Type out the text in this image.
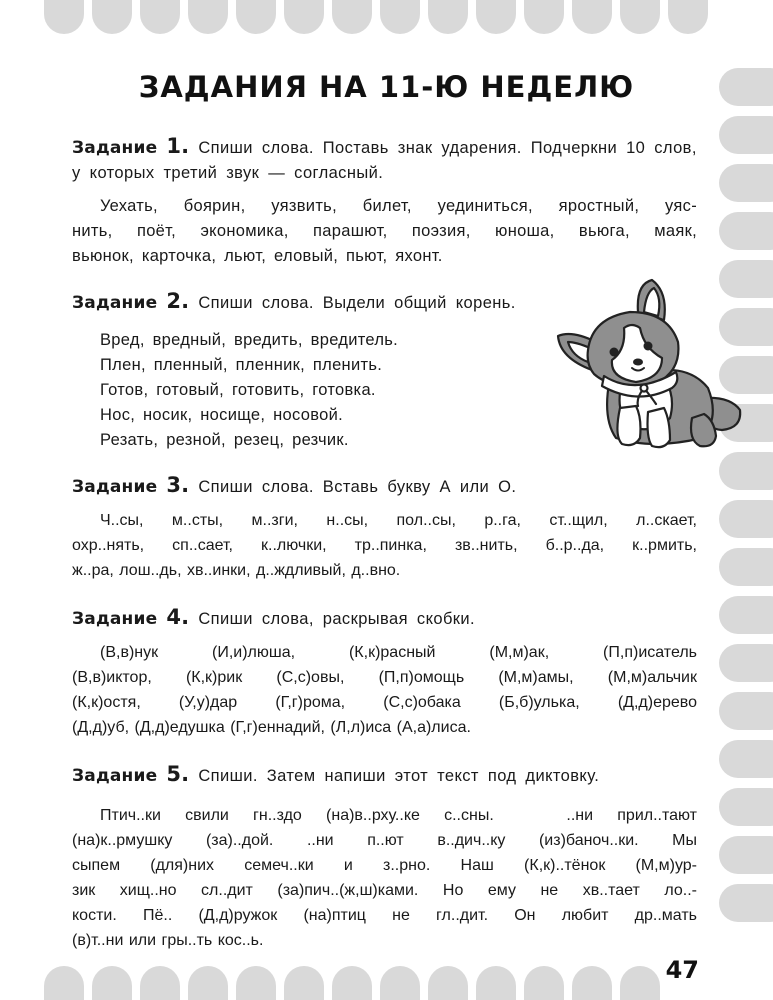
ЗАДАНИЯ НА 11-Ю НЕДЕЛЮ
Задание 1. Спиши слова. Поставь знак ударения. Подчеркни 10 слов, у которых третий звук — согласный.
Уехать, боярин, уязвить, билет, уединиться, яростный, уяс-
нить, поёт, экономика, парашют, поэзия, юноша, вьюга, маяк,
вьюнок, карточка, льют, еловый, пьют, яхонт.
Задание 2. Спиши слова. Выдели общий корень.
Вред, вредный, вредить, вредитель.
Плен, пленный, пленник, пленить.
Готов, готовый, готовить, готовка.
Нос, носик, носище, носовой.
Резать, резной, резец, резчик.
Задание 3. Спиши слова. Вставь букву А или О.
Ч..сы, м..сты, м..зги, н..сы, пол..сы, р..га, ст..щил, л..скает,
охр..нять, сп..сает, к..лючки, тр..пинка, зв..нить, б..р..да, к..рмить,
ж..ра, лош..дь, хв..инки, д..ждливый, д..вно.
Задание 4. Спиши слова, раскрывая скобки.
(В,в)нук (И,и)люша, (К,к)расный (М,м)ак, (П,п)исатель
(В,в)иктор, (К,к)рик (С,с)овы, (П,п)омощь (М,м)амы, (М,м)альчик
(К,к)остя, (У,у)дар (Г,г)рома, (С,с)обака (Б,б)улька, (Д,д)ерево
(Д,д)уб, (Д,д)едушка (Г,г)еннадий, (Л,л)иса (А,а)лиса.
Задание 5. Спиши. Затем напиши этот текст под диктовку.
Птич..ки свили гн..здо (на)в..рху..ке с..сны.   ..ни прил..тают
(на)к..рмушку (за)..дой. ..ни п..ют в..дич..ку (из)баноч..ки. Мы
сыпем (для)них семеч..ки и з..рно. Наш (К,к)..тёнок (М,м)ур-
зик хищ..но сл..дит (за)пич..(ж,ш)ками. Но ему не хв..тает ло..-
кости. Пё.. (Д,д)ружок (на)птиц не гл..дит. Он любит др..мать
(в)т..ни или гры..ть кос..ь.
47
